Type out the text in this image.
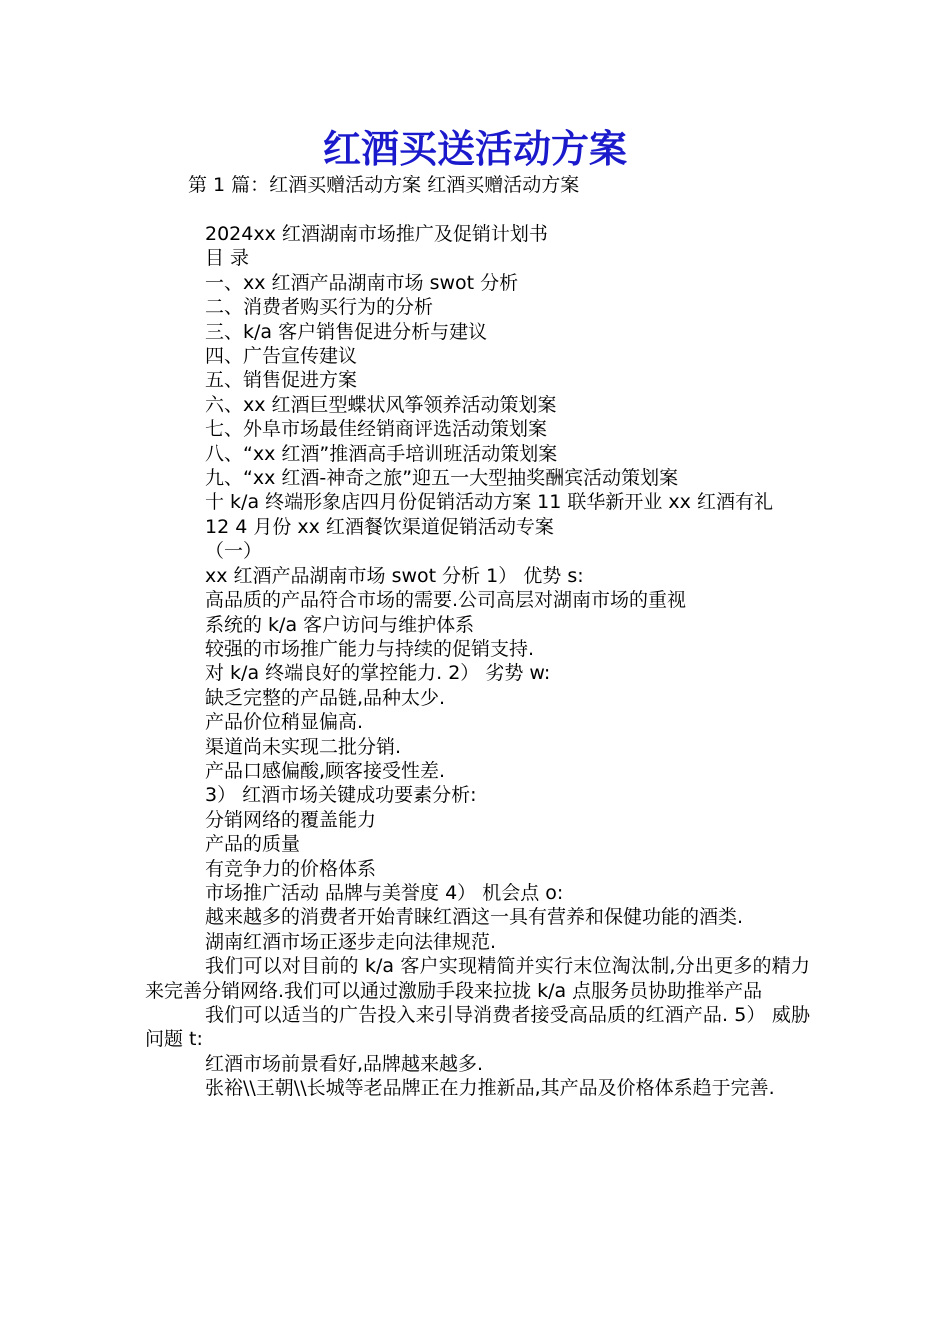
红酒买送活动方案
第 1 篇：红酒买赠活动方案 红酒买赠活动方案

2024xx 红酒湖南市场推广及促销计划书

目 录

一、xx 红酒产品湖南市场 swot 分析

二、消费者购买行为的分析

三、k/a 客户销售促进分析与建议

四、广告宣传建议

五、销售促进方案

六、xx 红酒巨型蝶状风筝领养活动策划案

七、外阜市场最佳经销商评选活动策划案

八、“xx 红酒”推酒高手培训班活动策划案

九、“xx 红酒-神奇之旅”迎五一大型抽奖酬宾活动策划案

十 k/a 终端形象店四月份促销活动方案 11 联华新开业 xx 红酒有礼

12 4 月份 xx 红酒餐饮渠道促销活动专案

（一）

xx 红酒产品湖南市场 swot 分析 1） 优势 s:

高品质的产品符合市场的需要.公司高层对湖南市场的重视

系统的 k/a 客户访问与维护体系

较强的市场推广能力与持续的促销支持.

对 k/a 终端良好的掌控能力. 2） 劣势 w:

缺乏完整的产品链,品种太少.

产品价位稍显偏高.

渠道尚未实现二批分销.

产品口感偏酸,顾客接受性差.

3） 红酒市场关键成功要素分析:

分销网络的覆盖能力

产品的质量

有竞争力的价格体系

市场推广活动 品牌与美誉度 4） 机会点 o:

越来越多的消费者开始青睐红酒这一具有营养和保健功能的酒类.

湖南红酒市场正逐步走向法律规范.

我们可以对目前的 k/a 客户实现精简并实行末位淘汰制,分出更多的精力来完善分销网络.我们可以通过激励手段来拉拢 k/a 点服务员协助推举产品

我们可以适当的广告投入来引导消费者接受高品质的红酒产品. 5） 威胁问题 t:

红酒市场前景看好,品牌越来越多.

张裕\\王朝\\长城等老品牌正在力推新品,其产品及价格体系趋于完善.
